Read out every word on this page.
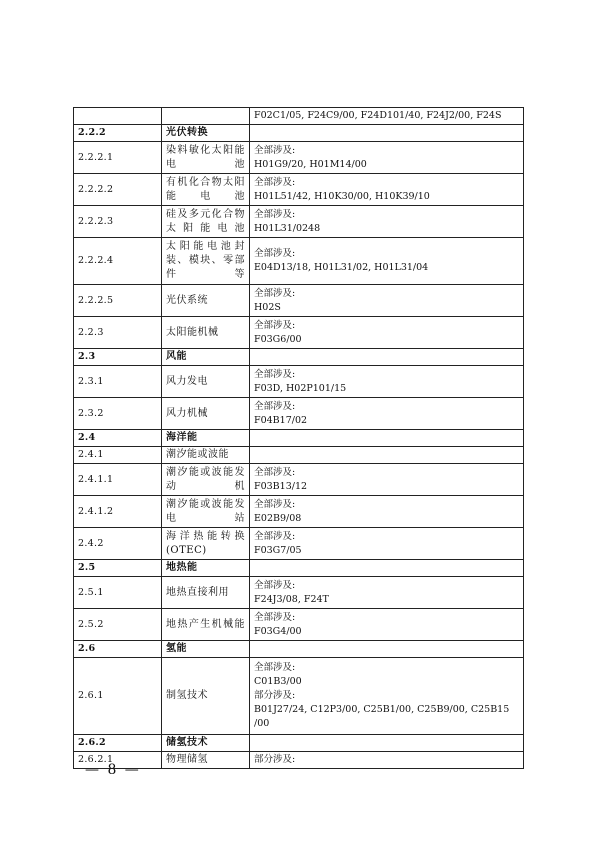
		F02C1/05, F24C9/00, F24D101/40, F24J2/00, F24S

2.2.2	光伏转换	
2.2.2.1	染料敏化太阳能电池	全部涉及:
H01G9/20, H01M14/00

2.2.2.2	有机化合物太阳能电池	全部涉及:
H01L51/42, H10K30/00, H10K39/10

2.2.2.3	硅及多元化合物太阳能电池	全部涉及:
H01L31/0248

2.2.2.4	太阳能电池封装、模块、零部件等	全部涉及:
E04D13/18, H01L31/02, H01L31/04

2.2.2.5	光伏系统	全部涉及:
H02S

2.2.3	太阳能机械	全部涉及:
F03G6/00

2.3	风能	
2.3.1	风力发电	全部涉及:
F03D, H02P101/15

2.3.2	风力机械	全部涉及:
F04B17/02

2.4	海洋能	
2.4.1	潮汐能或波能	
2.4.1.1	潮汐能或波能发动机	全部涉及:
F03B13/12

2.4.1.2	潮汐能或波能发电站	全部涉及:
E02B9/08

2.4.2	海洋热能转换(OTEC)	全部涉及:
F03G7/05

2.5	地热能	
2.5.1	地热直接利用	全部涉及:
F24J3/08, F24T

2.5.2	地热产生机械能	全部涉及:
F03G4/00

2.6	氢能	
2.6.1	制氢技术	全部涉及:
C01B3/00
部分涉及:
B01J27/24, C12P3/00, C25B1/00, C25B9/00, C25B15
/00

2.6.2	储氢技术	
2.6.2.1	物理储氢	部分涉及:
— 8 —
